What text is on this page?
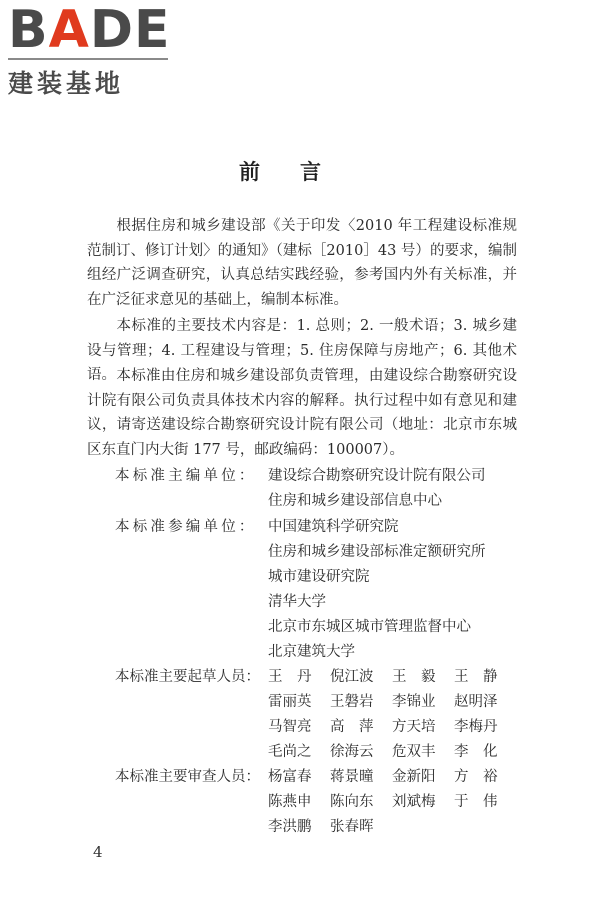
BADE
建装基地
前言

根据住房和城乡建设部《关于印发〈2010 年工程建设标准规范制订、修订计划〉的通知》（建标［2010］43 号）的要求，编制组经广泛调查研究，认真总结实践经验，参考国内外有关标准，并在广泛征求意见的基础上，编制本标准。

本标准的主要技术内容是：1. 总则；2. 一般术语；3. 城乡建设与管理；4. 工程建设与管理；5. 住房保障与房地产；6. 其他术语。 本标准由住房和城乡建设部负责管理，由建设综合勘察研究设计院有限公司负责具体技术内容的解释。执行过程中如有意见和建议，请寄送建设综合勘察研究设计院有限公司（地址：北京市东城区东直门内大街 177 号，邮政编码：100007）。

本标准主编单位： 建设综合勘察研究设计院有限公司
住房和城乡建设部信息中心
本标准参编单位： 中国建筑科学研究院
住房和城乡建设部标准定额研究所
城市建设研究院
清华大学
北京市东城区城市管理监督中心
北京建筑大学
本标准主要起草人员： 王　丹 倪江波 王　毅 王　静
雷丽英 王磐岩 李锦业 赵明泽
马智亮 高　萍 方天培 李梅丹
毛尚之 徐海云 危双丰 李　化
本标准主要审查人员： 杨富春 蒋景曈 金新阳 方　裕
陈燕申 陈向东 刘斌梅 于　伟
李洪鹏 张春晖
4
